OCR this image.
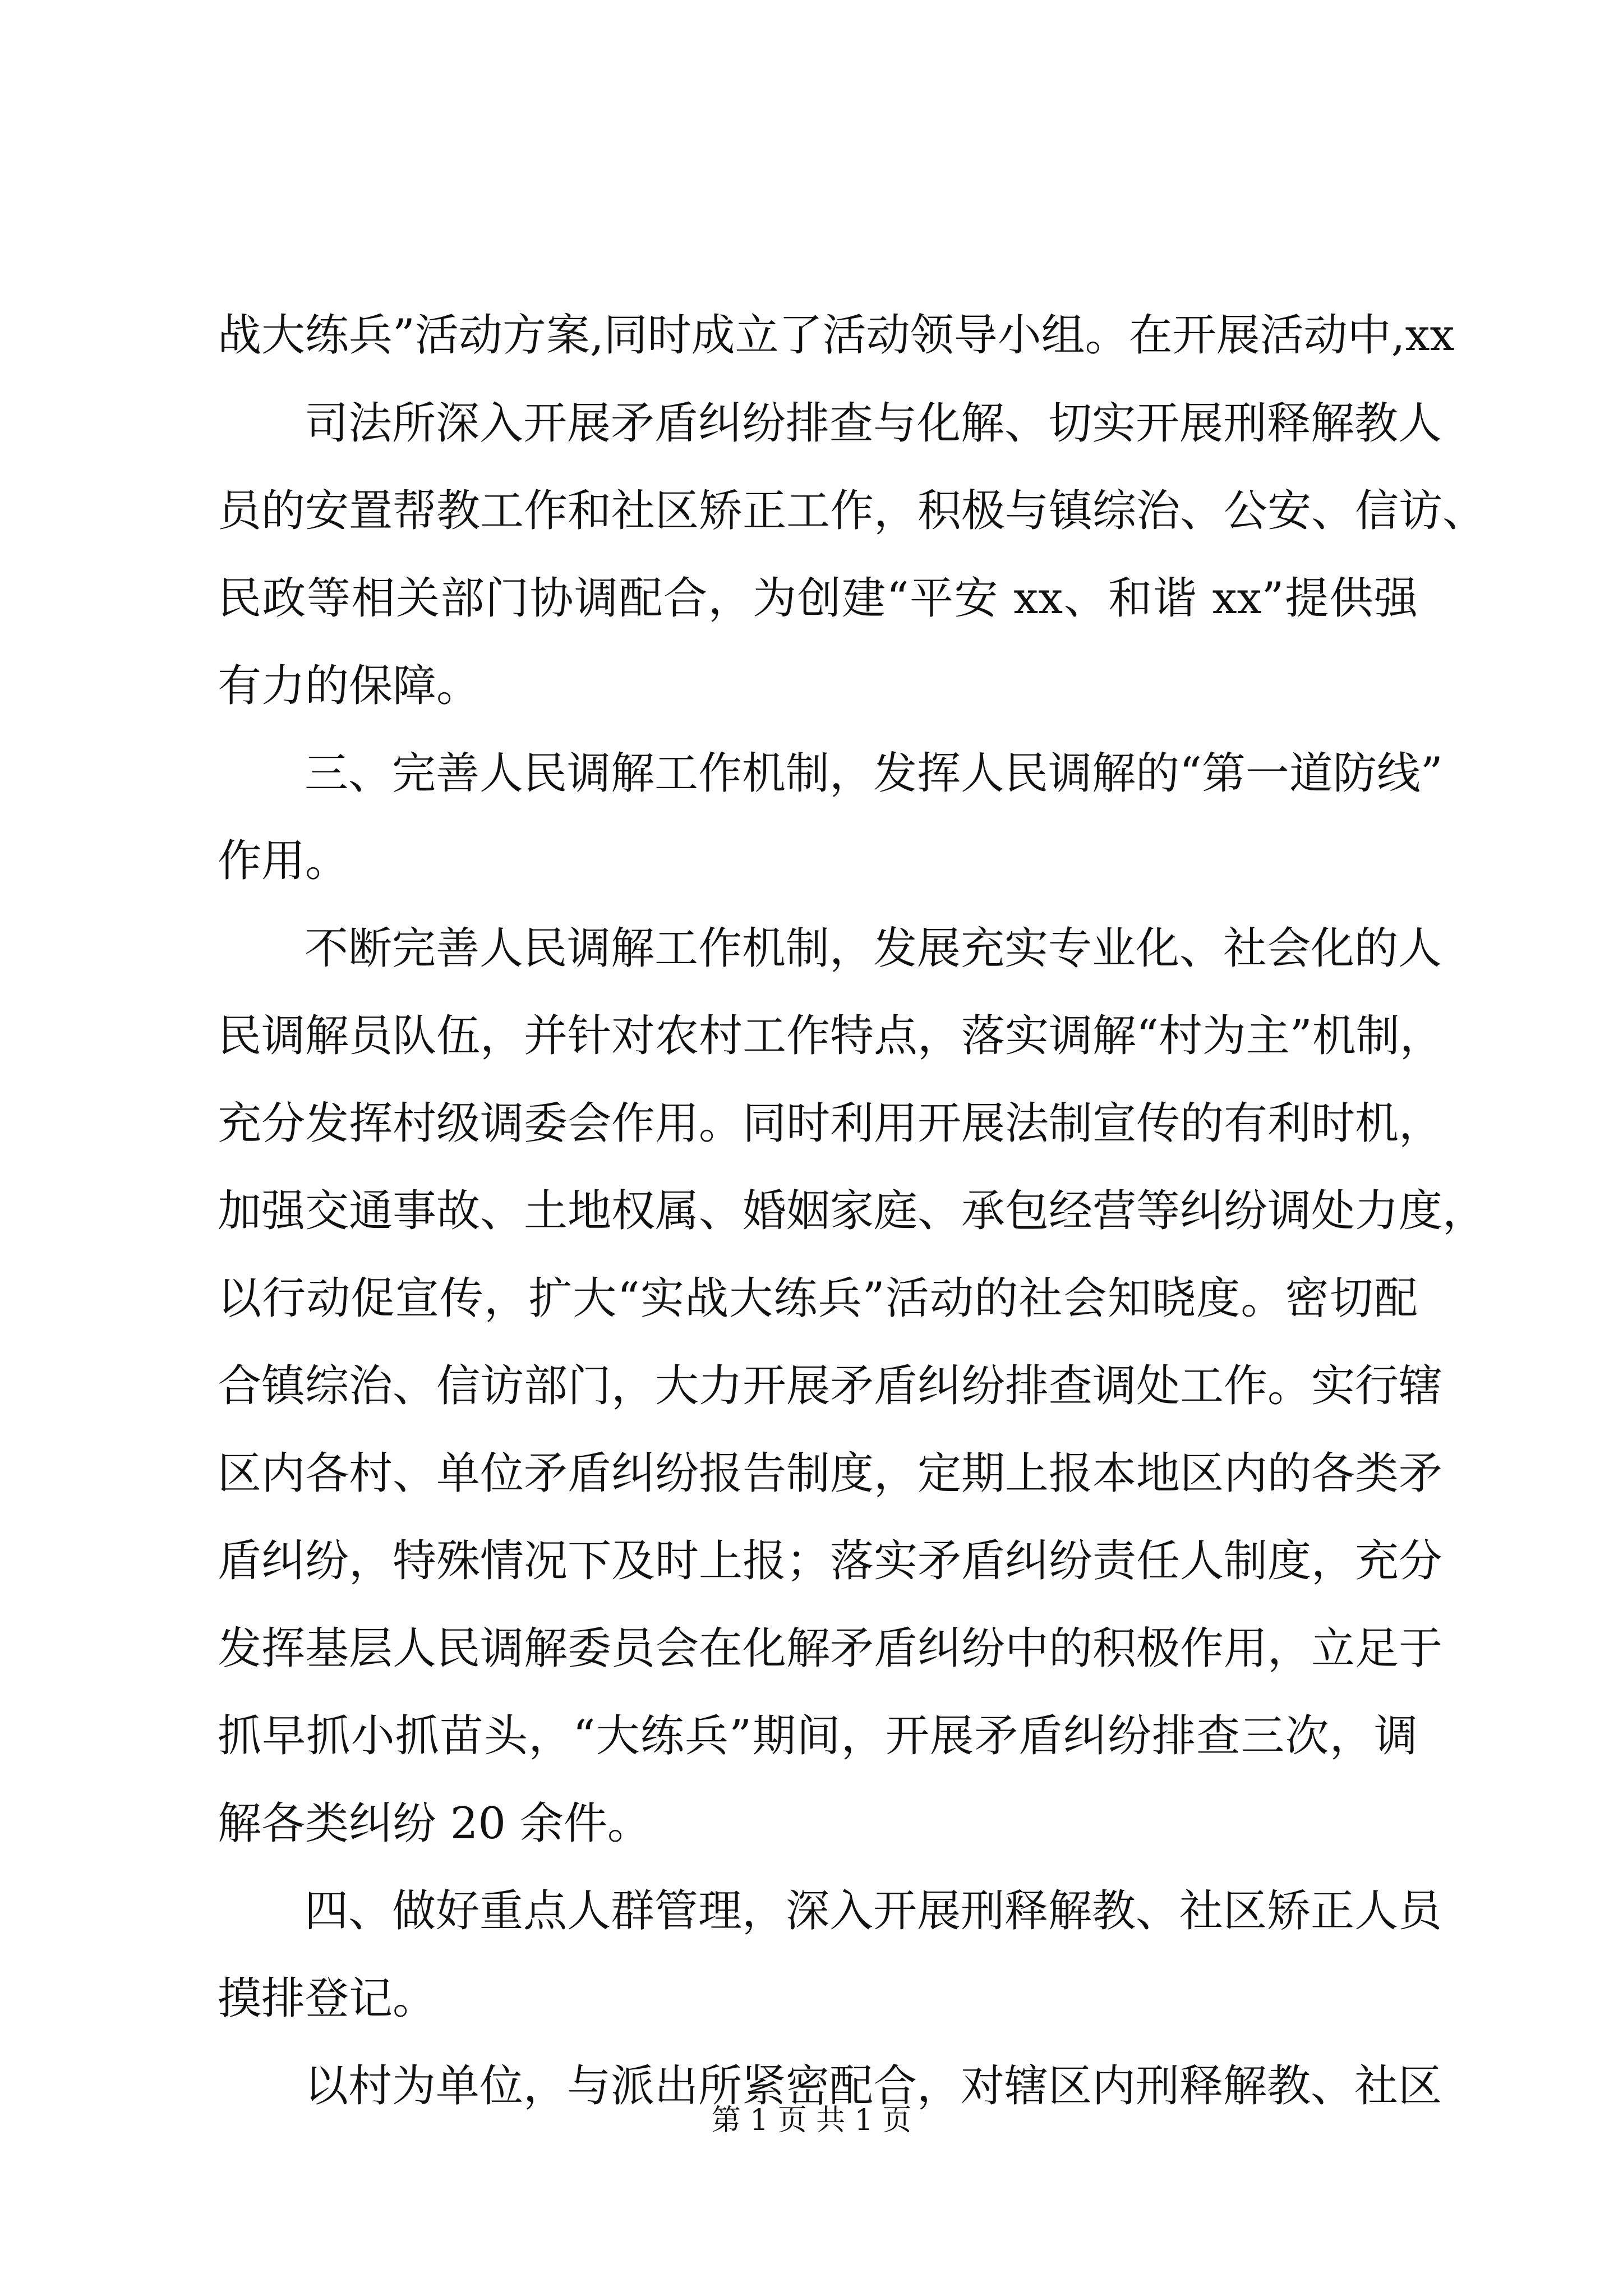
战大练兵”活动方案,同时成立了活动领导小组。在开展活动中,xx

司法所深入开展矛盾纠纷排查与化解、切实开展刑释解教人

员的安置帮教工作和社区矫正工作，积极与镇综治、公安、信访、

民政等相关部门协调配合，为创建“平安 xx、和谐 xx”提供强

有力的保障。

三、完善人民调解工作机制，发挥人民调解的“第一道防线”

作用。

不断完善人民调解工作机制，发展充实专业化、社会化的人

民调解员队伍，并针对农村工作特点，落实调解“村为主”机制，

充分发挥村级调委会作用。同时利用开展法制宣传的有利时机，

加强交通事故、土地权属、婚姻家庭、承包经营等纠纷调处力度，

以行动促宣传，扩大“实战大练兵”活动的社会知晓度。密切配

合镇综治、信访部门，大力开展矛盾纠纷排查调处工作。实行辖

区内各村、单位矛盾纠纷报告制度，定期上报本地区内的各类矛

盾纠纷，特殊情况下及时上报；落实矛盾纠纷责任人制度，充分

发挥基层人民调解委员会在化解矛盾纠纷中的积极作用，立足于

抓早抓小抓苗头，“大练兵”期间，开展矛盾纠纷排查三次，调

解各类纠纷 20 余件。

四、做好重点人群管理，深入开展刑释解教、社区矫正人员

摸排登记。

以村为单位，与派出所紧密配合，对辖区内刑释解教、社区

第 1 页 共 1 页
